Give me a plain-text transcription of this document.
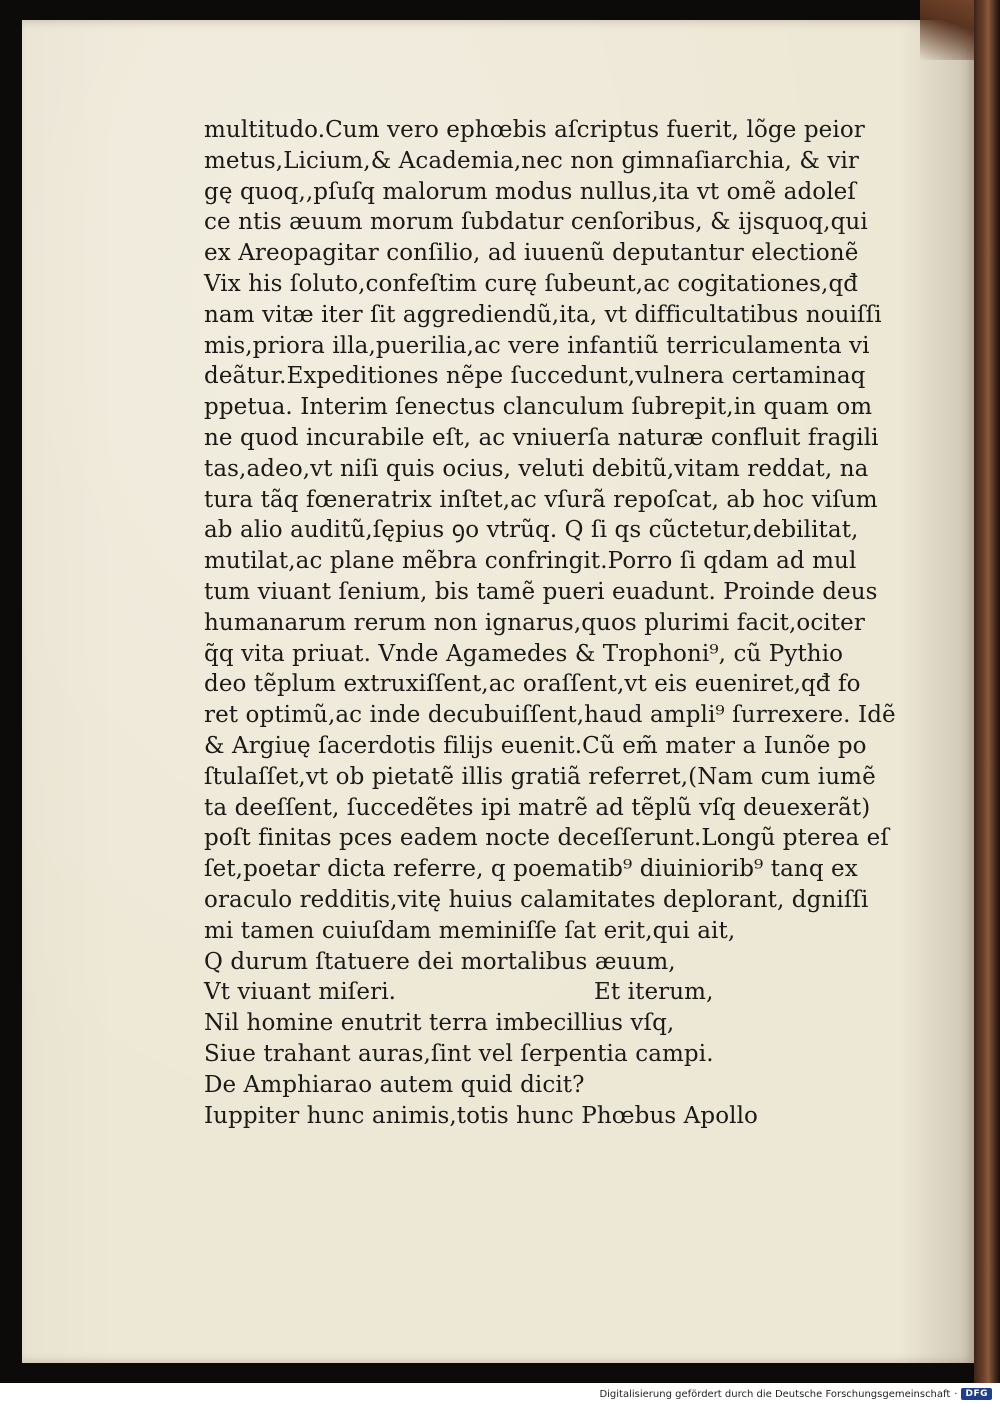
multitudo.Cum vero ephœbis aſcriptus fuerit, lõge peior
metus,Licium,& Academia,nec non gimnaſiarchia, & vir
gę quoq,,pſuſq malorum modus nullus,ita vt omẽ adoleſ
ce ntis æuum morum ſubdatur cenſoribus, & ijsquoq,qui
ex Areopagitar conſilio, ad iuuenũ deputantur electionẽ
Vix his ſoluto,confeſtim curę ſubeunt,ac cogitationes,qđ
nam vitæ iter ſit aggrediendũ,ita, vt difficultatibus nouiſſi
mis,priora illa,puerilia,ac vere infantiũ terriculamenta vi
deãtur.Expeditiones nẽpe ſuccedunt,vulnera certaminaq
ppetua. Interim ſenectus clanculum ſubrepit,in quam om
ne quod incurabile eſt, ac vniuerſa naturæ confluit fragili
tas,adeo,vt niſi quis ocius, veluti debitũ,vitam reddat, na
tura tãq fœneratrix inſtet,ac vſurã repoſcat, ab hoc viſum
ab alio auditũ,ſępius ꝯo vtrũq. Q ſi qs cũctetur,debilitat,
mutilat,ac plane mẽbra confringit.Porro ſi qdam ad mul
tum viuant ſenium, bis tamẽ pueri euadunt. Proinde deus
humanarum rerum non ignarus,quos plurimi facit,ociter
q̃q vita priuat. Vnde Agamedes & Trophoni⁹, cũ Pythio
deo tẽplum extruxiſſent,ac oraſſent,vt eis eueniret,qđ fo
ret optimũ,ac inde decubuiſſent,haud ampli⁹ ſurrexere. Idẽ
& Argiuę ſacerdotis filijs euenit.Cũ em̃ mater a Iunõe po
ſtulaſſet,vt ob pietatẽ illis gratiã referret,(Nam cum iumẽ
ta deeſſent, ſuccedẽtes ipi matrẽ ad tẽplũ vſq deuexerãt)
poſt finitas pces eadem nocte deceſſerunt.Longũ pterea eſ
ſet,poetar dicta referre, q poematib⁹ diuiniorib⁹ tanq ex
oraculo redditis,vitę huius calamitates deplorant, dgniſſi
mi tamen cuiuſdam meminiſſe ſat erit,qui ait,
Q durum ſtatuere dei mortalibus æuum,
Vt viuant miſeri.	Et iterum,
Nil homine enutrit terra imbecillius vſq,
Siue trahant auras,ſint vel ſerpentia campi.
De Amphiarao autem quid dicit?
Iuppiter hunc animis,totis hunc Phœbus Apollo
Digitalisierung gefördert durch die Deutsche Forschungsgemeinschaft · DFG
